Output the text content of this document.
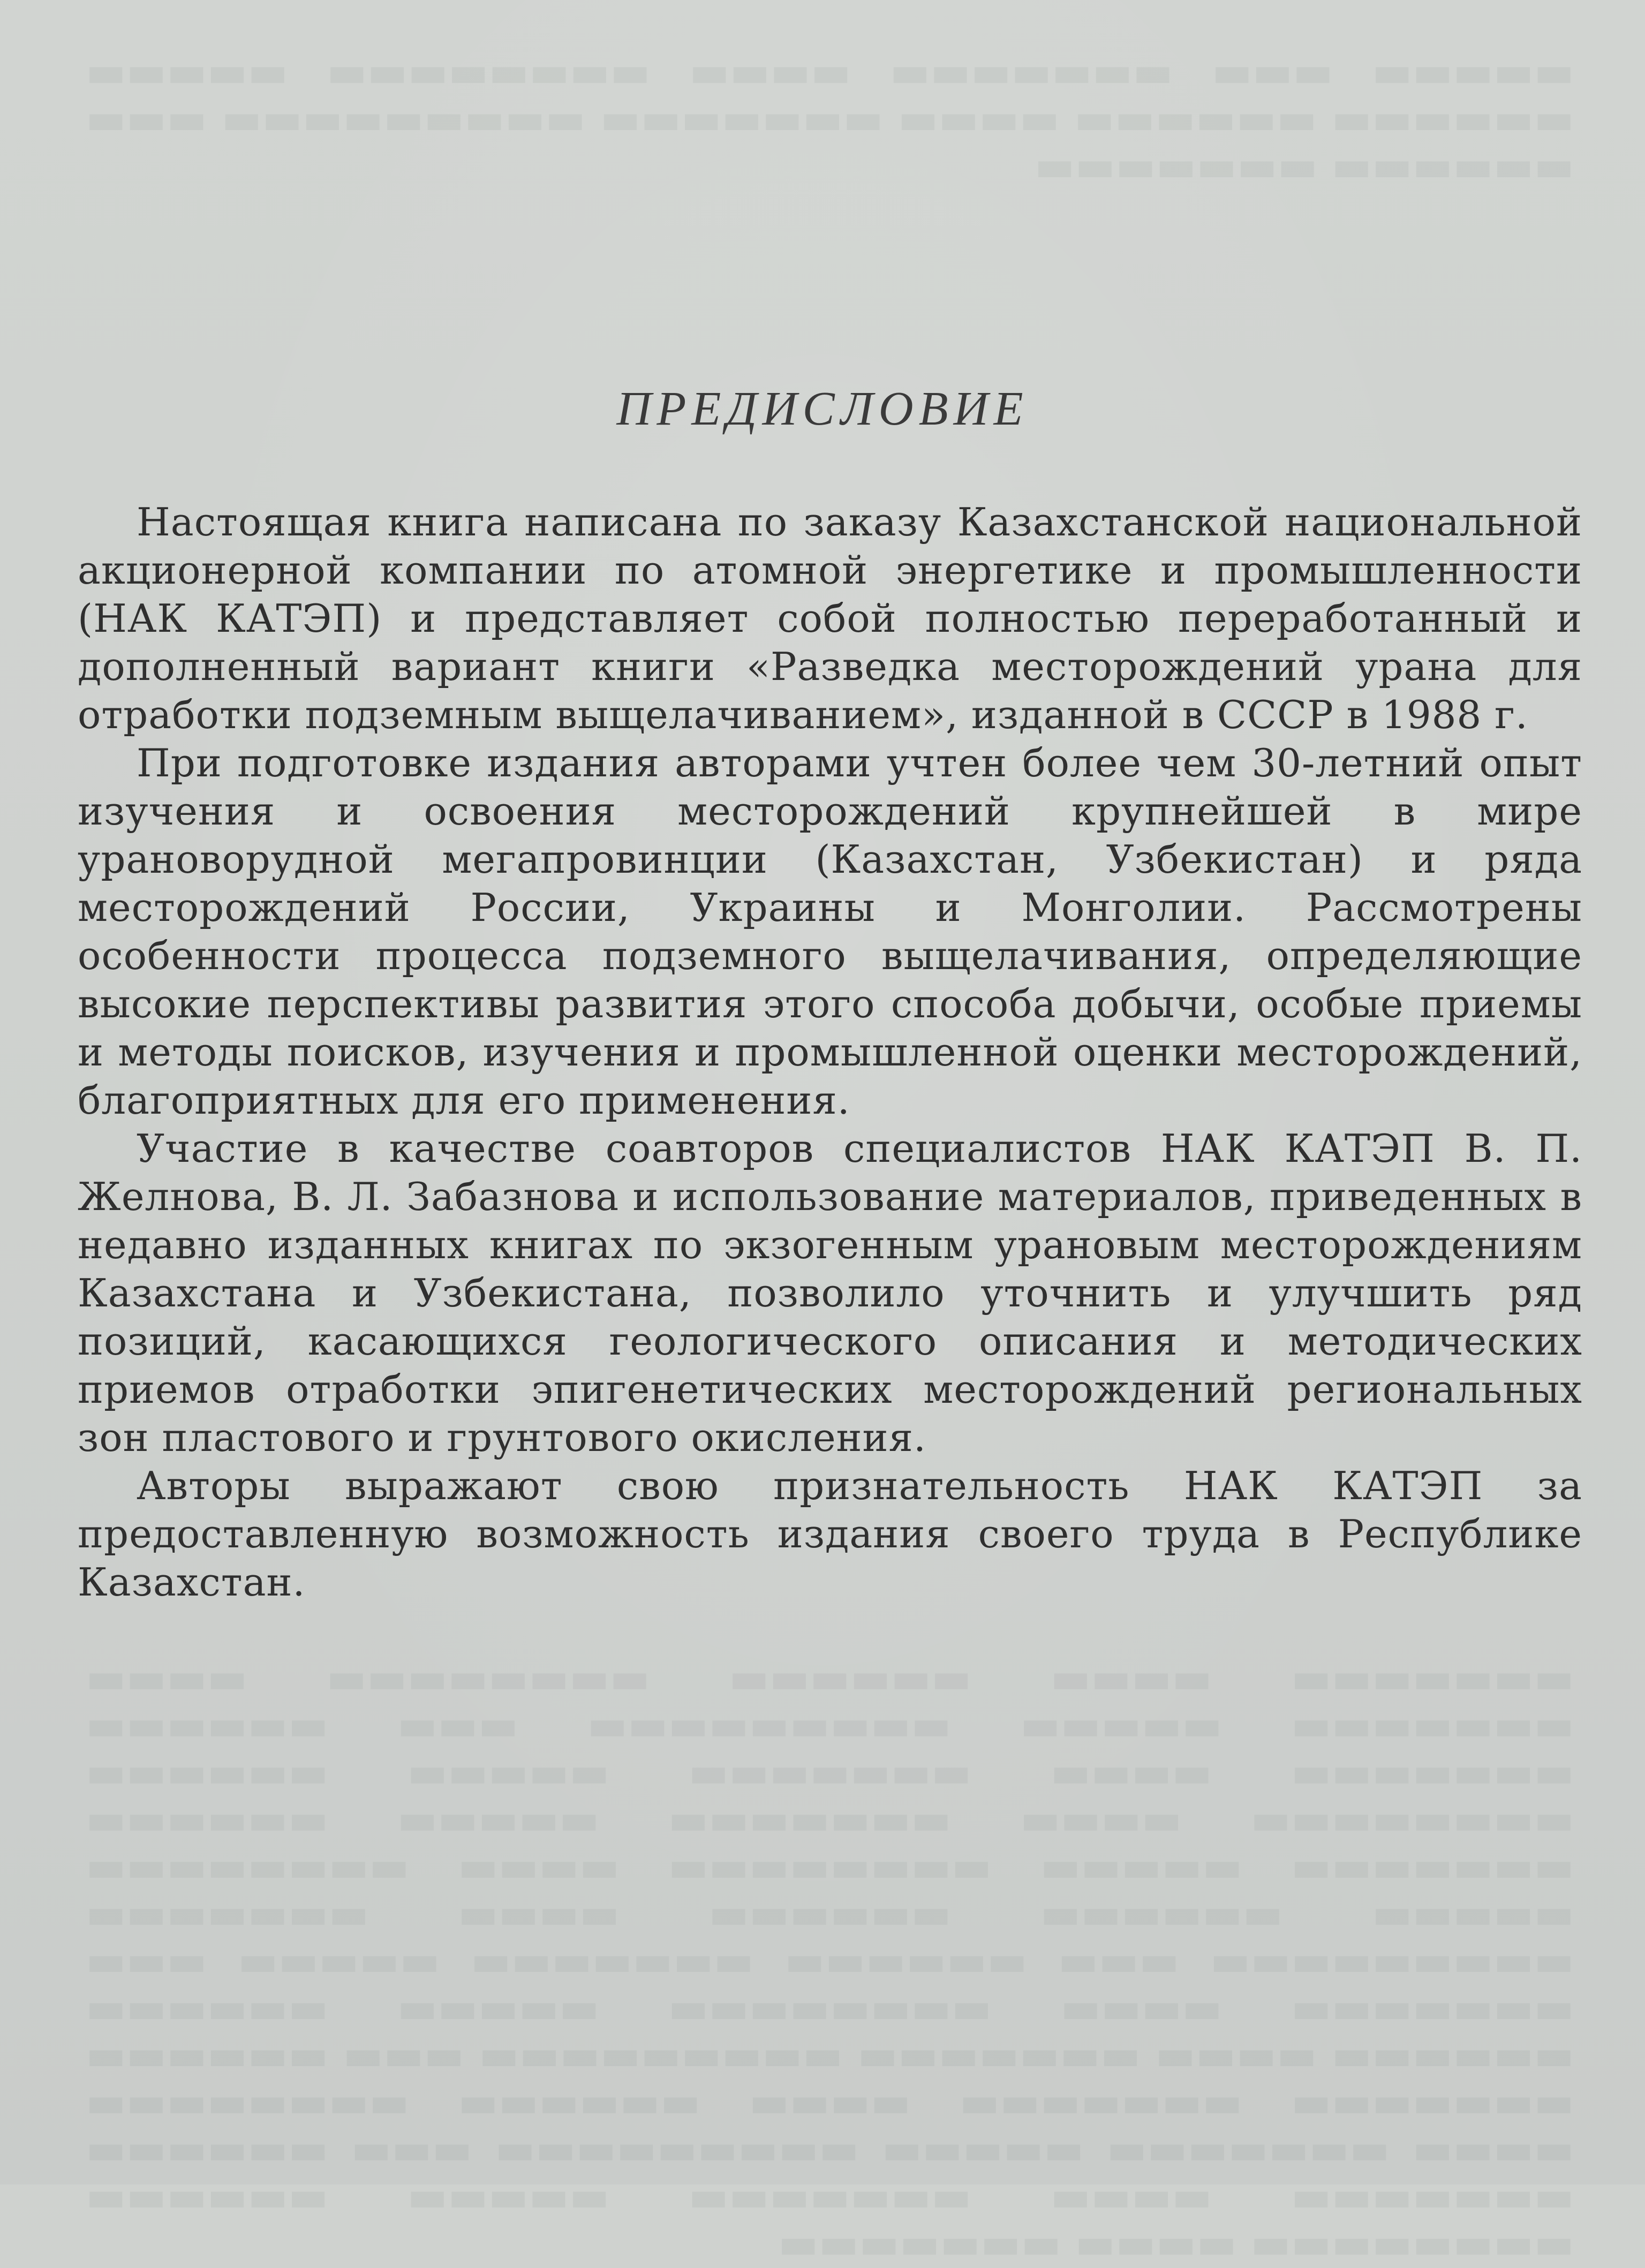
▬▬▬▬▬ ▬▬▬ ▬▬▬▬▬▬▬ ▬▬▬▬ ▬▬▬▬▬▬▬▬ ▬▬▬▬▬ ▬▬▬▬▬▬ ▬▬▬▬▬▬ ▬▬▬▬ ▬▬▬▬▬▬▬ ▬▬▬▬▬▬▬▬▬ ▬▬▬ ▬▬▬▬▬▬ ▬▬▬▬▬▬▬
▬▬▬▬▬▬▬ ▬▬▬▬ ▬▬▬▬▬▬ ▬▬▬▬▬▬▬▬ ▬▬▬▬ ▬▬▬▬▬▬▬ ▬▬▬▬▬ ▬▬▬▬▬▬▬▬▬ ▬▬▬ ▬▬▬▬▬▬ ▬▬▬▬▬▬▬ ▬▬▬▬ ▬▬▬▬▬▬▬ ▬▬▬▬▬ ▬▬▬▬▬▬ ▬▬▬▬▬▬▬▬ ▬▬▬▬ ▬▬▬▬▬▬▬ ▬▬▬▬▬ ▬▬▬▬▬▬ ▬▬▬▬▬▬▬ ▬▬▬▬▬ ▬▬▬▬▬▬▬▬ ▬▬▬▬ ▬▬▬▬▬▬▬▬ ▬▬▬▬▬ ▬▬▬▬▬▬ ▬▬▬▬▬▬ ▬▬▬▬ ▬▬▬▬▬▬▬ ▬▬▬▬▬▬▬▬▬ ▬▬▬ ▬▬▬▬▬▬ ▬▬▬▬▬▬▬ ▬▬▬▬▬ ▬▬▬ ▬▬▬▬▬▬▬ ▬▬▬▬ ▬▬▬▬▬▬▬▬ ▬▬▬▬▬ ▬▬▬▬▬▬ ▬▬▬▬▬▬ ▬▬▬▬ ▬▬▬▬▬▬▬ ▬▬▬▬▬▬▬▬▬ ▬▬▬ ▬▬▬▬▬▬ ▬▬▬▬▬▬▬ ▬▬▬▬▬▬▬ ▬▬▬▬ ▬▬▬▬▬▬ ▬▬▬▬▬▬▬▬ ▬▬▬▬ ▬▬▬▬▬▬▬ ▬▬▬▬▬ ▬▬▬▬▬▬▬▬▬ ▬▬▬ ▬▬▬▬▬▬ ▬▬▬▬▬▬▬ ▬▬▬▬ ▬▬▬▬▬▬▬ ▬▬▬▬▬ ▬▬▬▬▬▬ ▬▬▬▬▬▬▬▬ ▬▬▬▬ ▬▬▬▬▬▬▬
ПРЕДИСЛОВИЕ

Настоящая книга написана по заказу Казахстанской национальной акционерной компании по атомной энергетике и промышленности (НАК КАТЭП) и представляет собой полностью переработанный и дополненный вариант книги «Разведка месторождений урана для отработки подземным выщелачиванием», изданной в СССР в 1988 г.

При подготовке издания авторами учтен более чем 30-летний опыт изучения и освоения месторождений крупнейшей в мире урановорудной мегапровинции (Казахстан, Узбекистан) и ряда месторождений России, Украины и Монголии. Рассмотрены особенности процесса подземного выщелачивания, определяющие высокие перспективы развития этого способа добычи, особые приемы и методы поисков, изучения и промышленной оценки месторождений, благоприятных для его применения.

Участие в качестве соавторов специалистов НАК КАТЭП В. П. Желнова, В. Л. Забазнова и использование материалов, приведенных в недавно изданных книгах по экзогенным урановым месторождениям Казахстана и Узбекистана, позволило уточнить и улучшить ряд позиций, касающихся геологического описания и методических приемов отработки эпигенетических месторождений региональных зон пластового и грунтового окисления.

Авторы выражают свою признательность НАК КАТЭП за предоставленную возможность издания своего труда в Республике Казахстан.
